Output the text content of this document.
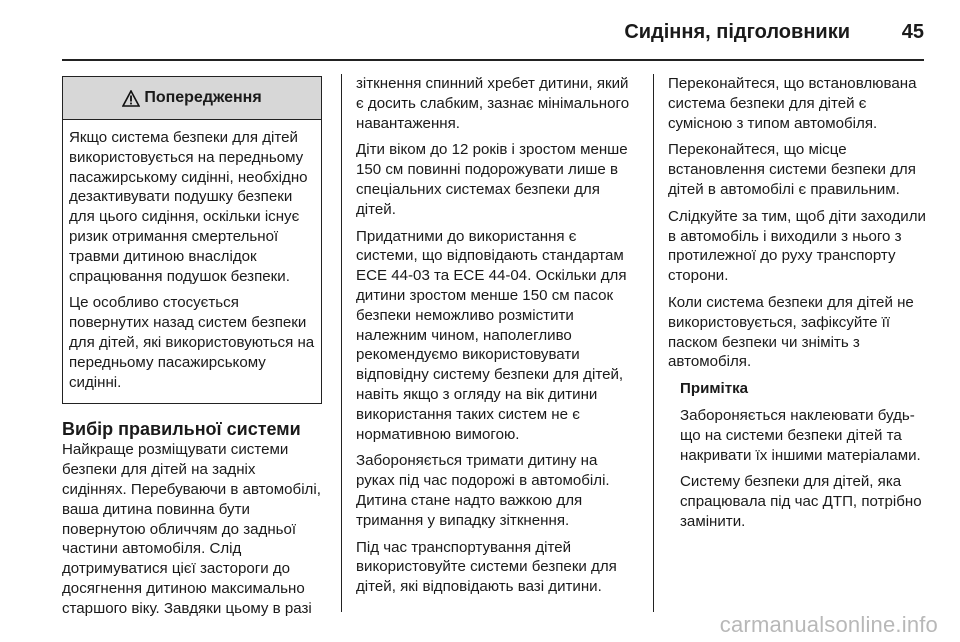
Сидіння, підголовники	45
Попередження

Якщо система безпеки для дітей використовується на передньому пасажирському сидінні, необхідно дезактивувати подушку безпеки для цього сидіння, оскільки існує ризик отримання смертельної травми дитиною внаслідок спрацювання подушок безпеки.

Це особливо стосується повернутих назад систем безпеки для дітей, які використовуються на передньому пасажирському сидінні.

Вибір правильної системи

Найкраще розміщувати системи безпеки для дітей на задніх сидіннях. Перебуваючи в автомобілі, ваша дитина повинна бути повернутою обличчям до задньої частини автомобіля. Слід дотримуватися цієї застороги до досягнення дитиною максимально старшого віку. Завдяки цьому в разі

зіткнення спинний хребет дитини, який є досить слабким, зазнає мінімального навантаження.

Діти віком до 12 років і зростом менше 150 см повинні подорожувати лише в спеціальних системах безпеки для дітей.

Придатними до використання є системи, що відповідають стандартам ECE 44-03 та ECE 44-04. Оскільки для дитини зростом менше 150 см пасок безпеки неможливо розмістити належним чином, наполегливо рекомендуємо використовувати відповідну систему безпеки для дітей, навіть якщо з огляду на вік дитини використання таких систем не є нормативною вимогою.

Забороняється тримати дитину на руках під час подорожі в автомобілі. Дитина стане надто важкою для тримання у випадку зіткнення.

Під час транспортування дітей використовуйте системи безпеки для дітей, які відповідають вазі дитини.

Переконайтеся, що встановлювана система безпеки для дітей є сумісною з типом автомобіля.

Переконайтеся, що місце встановлення системи безпеки для дітей в автомобілі є правильним.

Слідкуйте за тим, щоб діти заходили в автомобіль і виходили з нього з протилежної до руху транспорту сторони.

Коли система безпеки для дітей не використовується, зафіксуйте її паском безпеки чи зніміть з автомобіля.

Примітка

Забороняється наклеювати будь-що на системи безпеки дітей та накривати їх іншими матеріалами.

Систему безпеки для дітей, яка спрацювала під час ДТП, потрібно замінити.

carmanualsonline.info
